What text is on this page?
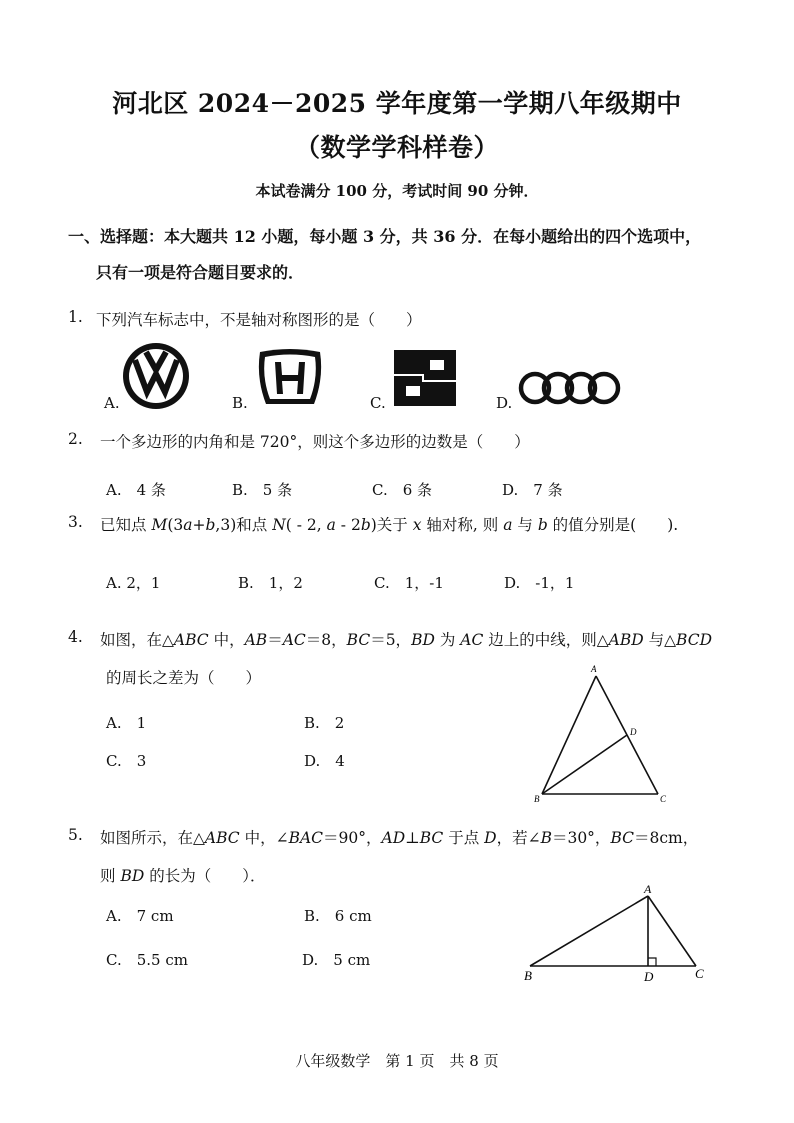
河北区 2024－2025 学年度第一学期八年级期中
（数学学科样卷）
本试卷满分 100 分，考试时间 90 分钟．
一、选择题：本大题共 12 小题，每小题 3 分，共 36 分．在每小题给出的四个选项中，
只有一项是符合题目要求的．
1. 下列汽车标志中，不是轴对称图形的是（　　）
A.	B.	C.	D.
2. 一个多边形的内角和是 720°，则这个多边形的边数是（　　）
A.　4 条	B.　5 条	C.　6 条	D.　7 条
3. 已知点 M(3a+b,3)和点 N( - 2, a - 2b)关于 x 轴对称, 则 a 与 b 的值分别是(　　).
A. 2，1	B.　1，2	C.　1，-1	D.　-1，1
4. 如图，在△ABC 中，AB＝AC＝8，BC＝5，BD 为 AC 边上的中线，则△ABD 与△BCD
的周长之差为（　　）
A.　1	B.　2
C.　3	D.　4
A
D
B	C
5. 如图所示，在△ABC 中，∠BAC＝90°，AD⊥BC 于点 D，若∠B＝30°，BC＝8cm，
则 BD 的长为（　　）．
A.　7 cm	B.　6 cm
C.　5.5 cm	D.　5 cm
A
B	D	C
八年级数学　第 1 页　共 8 页
